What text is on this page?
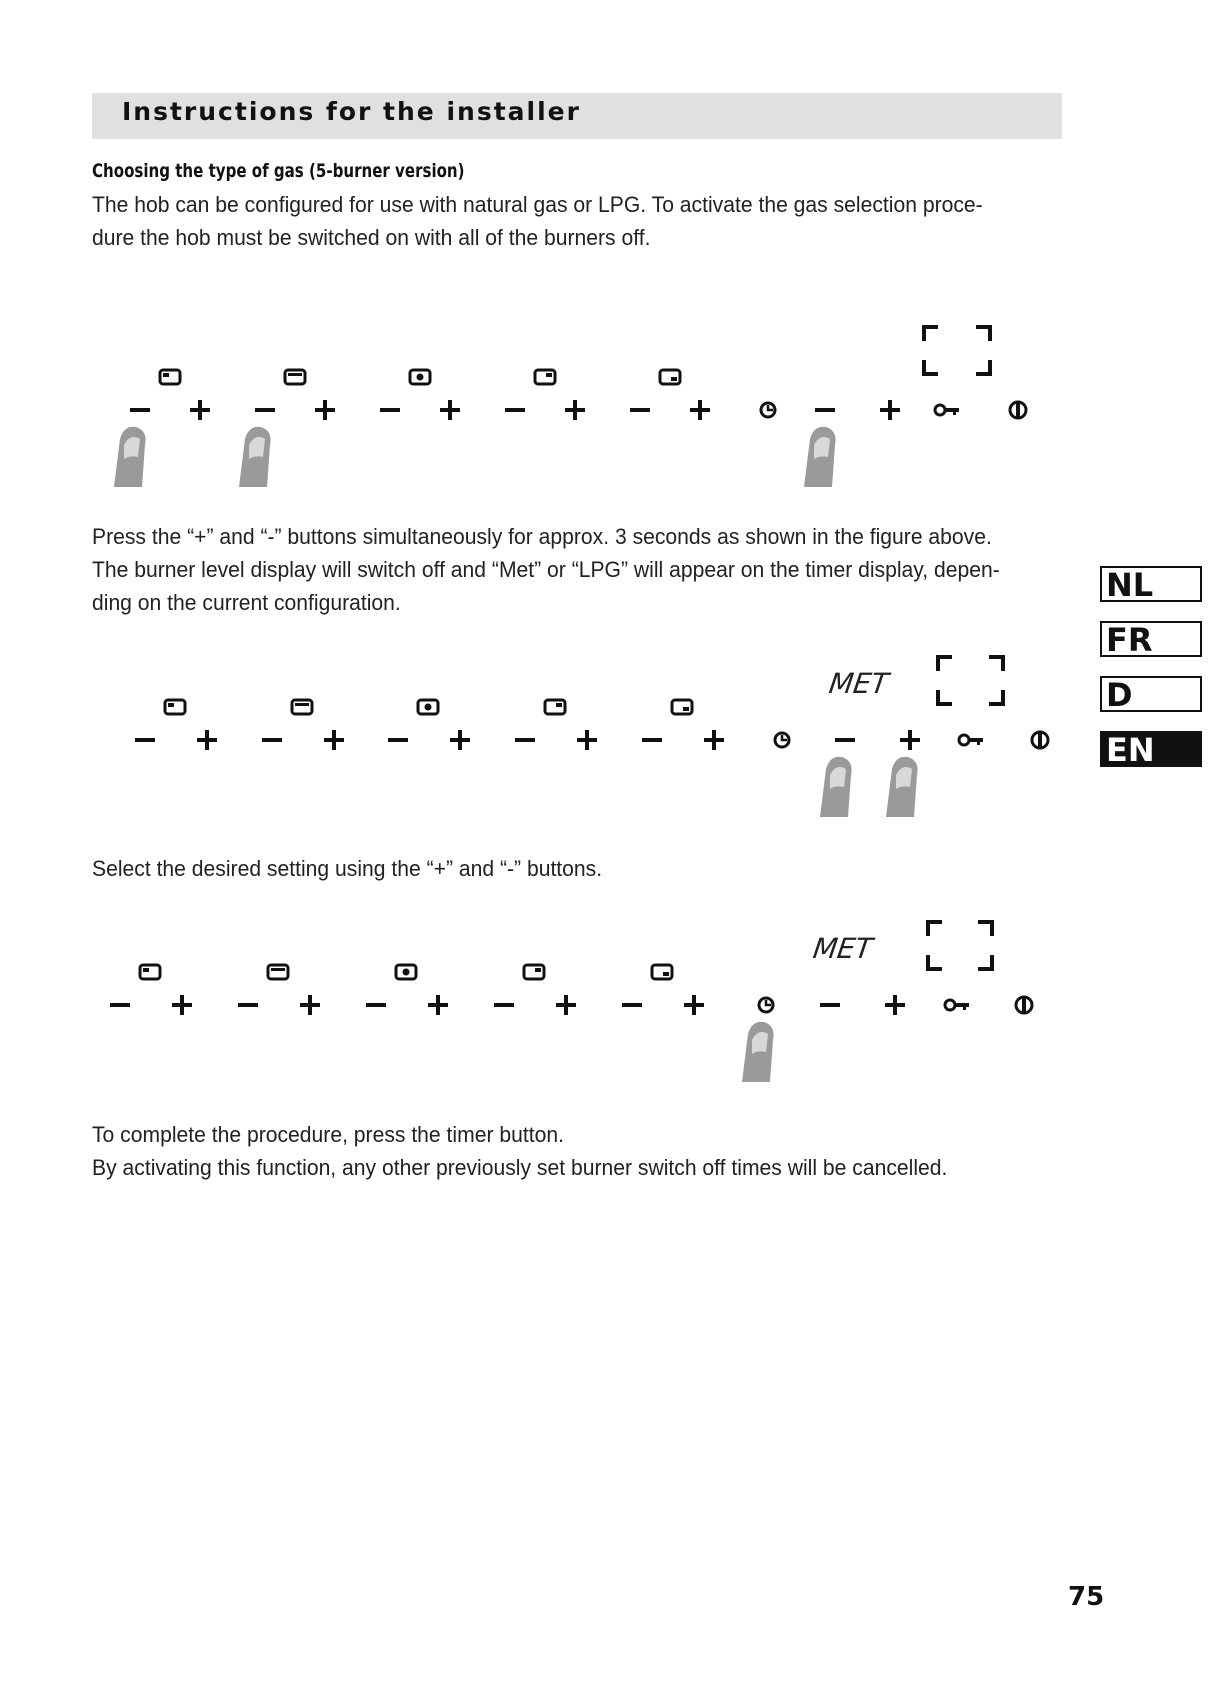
Instructions for the installer
Choosing the type of gas (5-burner version)
The hob can be configured for use with natural gas or LPG. To activate the gas selection proce-
dure the hob must be switched on with all of the burners off.
Press the “+” and “-” buttons simultaneously for approx. 3 seconds as shown in the figure above.
The burner level display will switch off and “Met” or “LPG” will appear on the timer display, depen-
ding on the current configuration.
MET
Select the desired setting using the “+” and “-” buttons.
MET
To complete the procedure, press the timer button.
By activating this function, any other previously set burner switch off times will be cancelled.
NL
FR
D
EN
75
